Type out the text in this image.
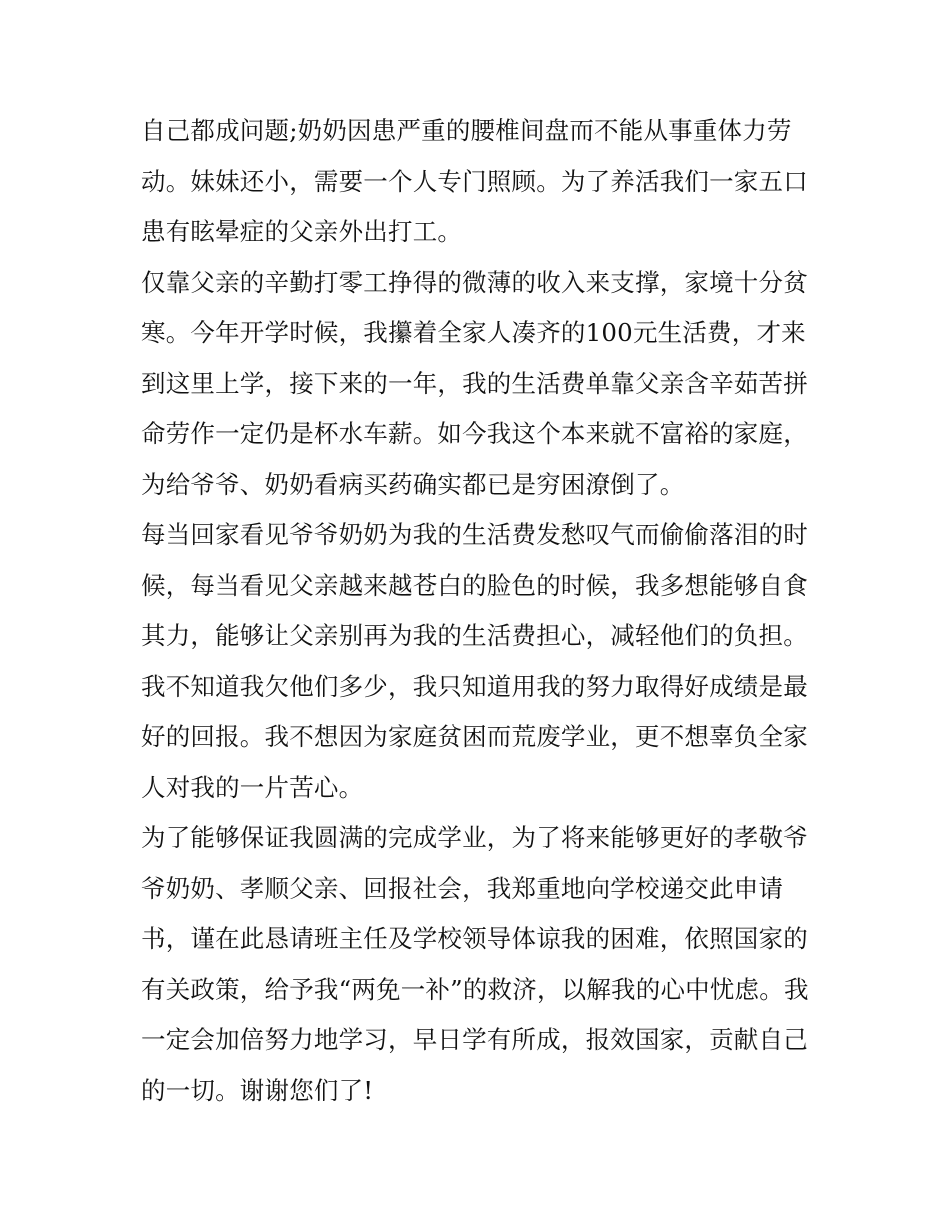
自己都成问题;奶奶因患严重的腰椎间盘而不能从事重体力劳
动。妹妹还小，需要一个人专门照顾。为了养活我们一家五口
患有眩晕症的父亲外出打工。
仅靠父亲的辛勤打零工挣得的微薄的收入来支撑，家境十分贫
寒。今年开学时候，我攥着全家人凑齐的100元生活费，才来
到这里上学，接下来的一年，我的生活费单靠父亲含辛茹苦拼
命劳作一定仍是杯水车薪。如今我这个本来就不富裕的家庭，
为给爷爷、奶奶看病买药确实都已是穷困潦倒了。
每当回家看见爷爷奶奶为我的生活费发愁叹气而偷偷落泪的时
候，每当看见父亲越来越苍白的脸色的时候，我多想能够自食
其力，能够让父亲别再为我的生活费担心，减轻他们的负担。
我不知道我欠他们多少，我只知道用我的努力取得好成绩是最
好的回报。我不想因为家庭贫困而荒废学业，更不想辜负全家
人对我的一片苦心。
为了能够保证我圆满的完成学业，为了将来能够更好的孝敬爷
爷奶奶、孝顺父亲、回报社会，我郑重地向学校递交此申请
书，谨在此恳请班主任及学校领导体谅我的困难，依照国家的
有关政策，给予我“两免一补”的救济，以解我的心中忧虑。我
一定会加倍努力地学习，早日学有所成，报效国家，贡献自己
的一切。谢谢您们了!
